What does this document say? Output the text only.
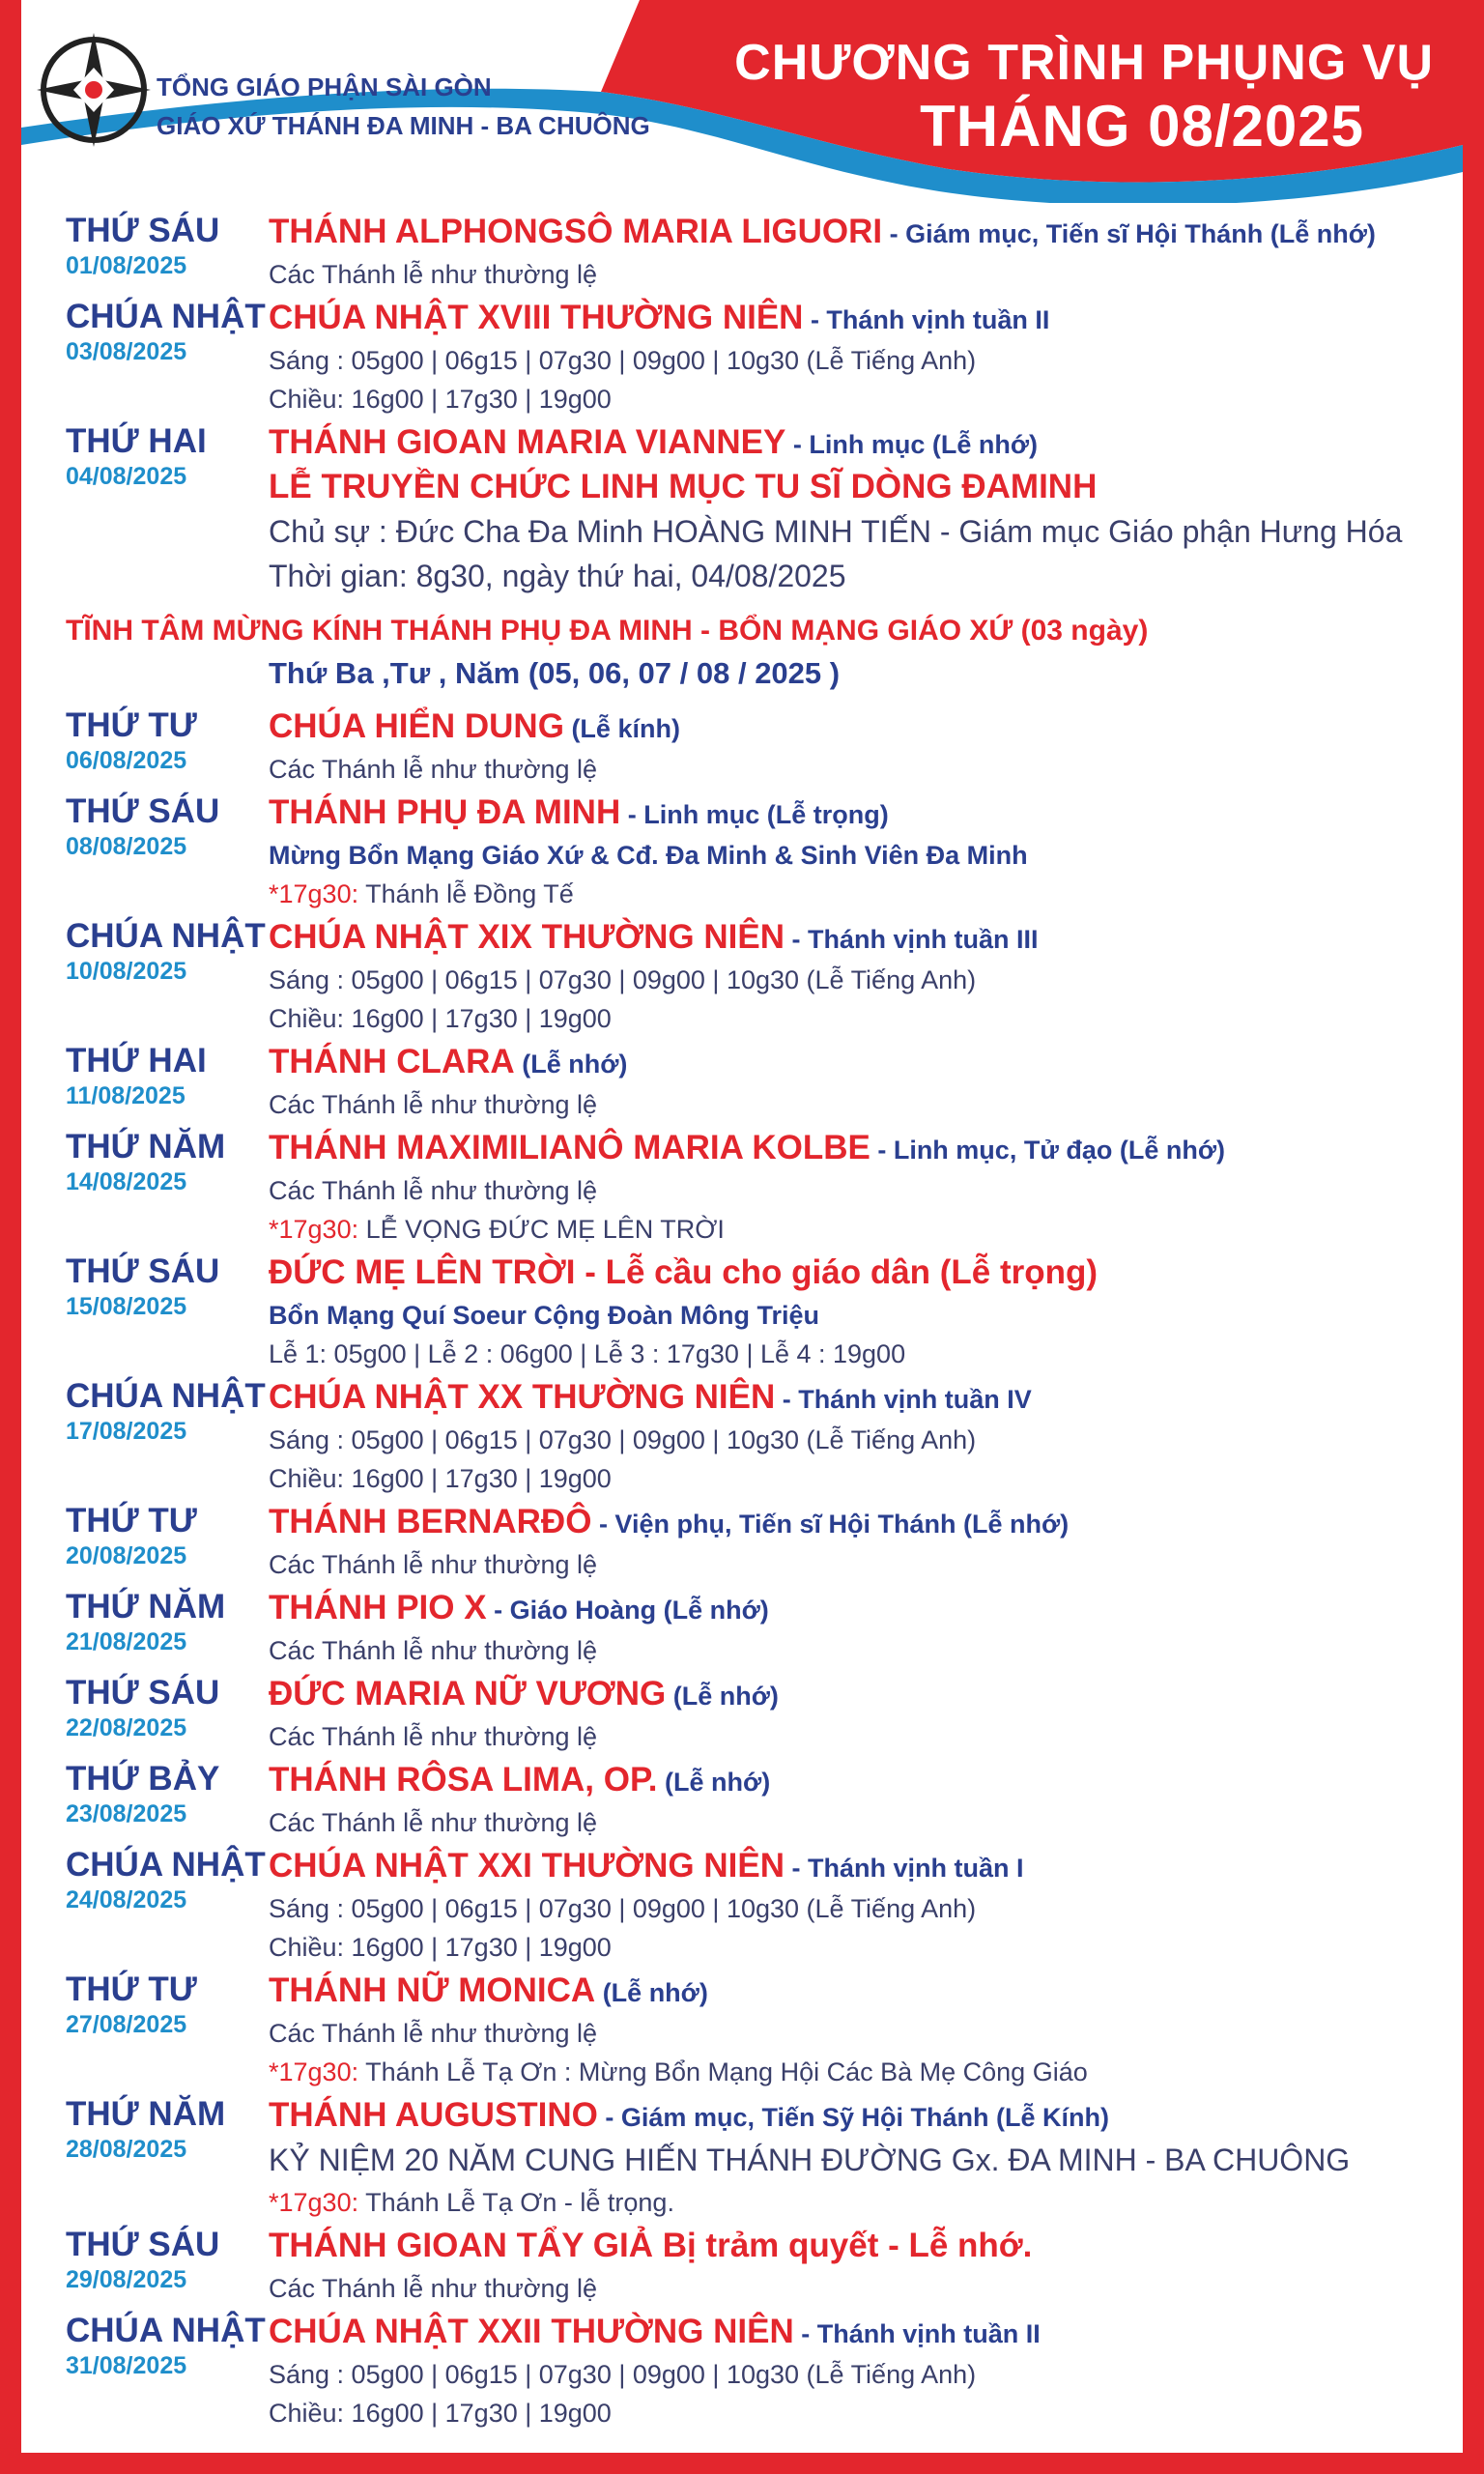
TỔNG GIÁO PHẬN SÀI GÒN
GIÁO XỨ THÁNH ĐA MINH - BA CHUÔNG
CHƯƠNG TRÌNH PHỤNG VỤ
THÁNG 08/2025
THỨ SÁU
01/08/2025
THÁNH ALPHONGSÔ MARIA LIGUORI - Giám mục, Tiến sĩ Hội Thánh (Lễ nhớ)
Các Thánh lễ như thường lệ
CHÚA NHẬT
03/08/2025
CHÚA NHẬT XVIII THƯỜNG NIÊN - Thánh vịnh tuần II
Sáng : 05g00 | 06g15 | 07g30 | 09g00 | 10g30 (Lễ Tiếng Anh)
Chiều: 16g00 | 17g30 | 19g00
THỨ HAI
04/08/2025
THÁNH GIOAN MARIA VIANNEY - Linh mục (Lễ nhớ)
LỄ TRUYỀN CHỨC LINH MỤC TU SĨ DÒNG ĐAMINH
Chủ sự : Đức Cha Đa Minh HOÀNG MINH TIẾN - Giám mục Giáo phận Hưng Hóa
Thời gian: 8g30, ngày thứ hai, 04/08/2025
TĨNH TÂM MỪNG KÍNH THÁNH PHỤ ĐA MINH - BỔN MẠNG GIÁO XỨ (03 ngày)
Thứ Ba ,Tư , Năm (05, 06, 07 / 08 / 2025 )
THỨ TƯ
06/08/2025
CHÚA HIỂN DUNG (Lễ kính)
Các Thánh lễ như thường lệ
THỨ SÁU
08/08/2025
THÁNH PHỤ ĐA MINH - Linh mục (Lễ trọng)
Mừng Bổn Mạng Giáo Xứ & Cđ. Đa Minh & Sinh Viên Đa Minh
*17g30: Thánh lễ Đồng Tế
CHÚA NHẬT
10/08/2025
CHÚA NHẬT XIX THƯỜNG NIÊN - Thánh vịnh tuần III
Sáng : 05g00 | 06g15 | 07g30 | 09g00 | 10g30 (Lễ Tiếng Anh)
Chiều: 16g00 | 17g30 | 19g00
THỨ HAI
11/08/2025
THÁNH CLARA (Lễ nhớ)
Các Thánh lễ như thường lệ
THỨ NĂM
14/08/2025
THÁNH MAXIMILIANÔ MARIA KOLBE - Linh mục, Tử đạo (Lễ nhớ)
Các Thánh lễ như thường lệ
*17g30: LỄ VỌNG ĐỨC MẸ LÊN TRỜI
THỨ SÁU
15/08/2025
ĐỨC MẸ LÊN TRỜI - Lễ cầu cho giáo dân (Lễ trọng)
Bổn Mạng Quí Soeur Cộng Đoàn Mông Triệu
Lễ 1: 05g00 | Lễ 2 : 06g00 | Lễ 3 : 17g30 | Lễ 4 : 19g00
CHÚA NHẬT
17/08/2025
CHÚA NHẬT XX THƯỜNG NIÊN - Thánh vịnh tuần IV
Sáng : 05g00 | 06g15 | 07g30 | 09g00 | 10g30 (Lễ Tiếng Anh)
Chiều: 16g00 | 17g30 | 19g00
THỨ TƯ
20/08/2025
THÁNH BERNARĐÔ - Viện phụ, Tiến sĩ Hội Thánh (Lễ nhớ)
Các Thánh lễ như thường lệ
THỨ NĂM
21/08/2025
THÁNH PIO X - Giáo Hoàng (Lễ nhớ)
Các Thánh lễ như thường lệ
THỨ SÁU
22/08/2025
ĐỨC MARIA NỮ VƯƠNG (Lễ nhớ)
Các Thánh lễ như thường lệ
THỨ BẢY
23/08/2025
THÁNH RÔSA LIMA, OP. (Lễ nhớ)
Các Thánh lễ như thường lệ
CHÚA NHẬT
24/08/2025
CHÚA NHẬT XXI THƯỜNG NIÊN - Thánh vịnh tuần I
Sáng : 05g00 | 06g15 | 07g30 | 09g00 | 10g30 (Lễ Tiếng Anh)
Chiều: 16g00 | 17g30 | 19g00
THỨ TƯ
27/08/2025
THÁNH NỮ MONICA (Lễ nhớ)
Các Thánh lễ như thường lệ
*17g30: Thánh Lễ Tạ Ơn : Mừng Bổn Mạng Hội Các Bà Mẹ Công Giáo
THỨ NĂM
28/08/2025
THÁNH AUGUSTINO - Giám mục, Tiến Sỹ Hội Thánh (Lễ Kính)
KỶ NIỆM 20 NĂM CUNG HIẾN THÁNH ĐƯỜNG Gx. ĐA MINH - BA CHUÔNG
*17g30: Thánh Lễ Tạ Ơn - lễ trọng.
THỨ SÁU
29/08/2025
THÁNH GIOAN TẨY GIẢ Bị trảm quyết - Lễ nhớ.
Các Thánh lễ như thường lệ
CHÚA NHẬT
31/08/2025
CHÚA NHẬT XXII THƯỜNG NIÊN - Thánh vịnh tuần II
Sáng : 05g00 | 06g15 | 07g30 | 09g00 | 10g30 (Lễ Tiếng Anh)
Chiều: 16g00 | 17g30 | 19g00
